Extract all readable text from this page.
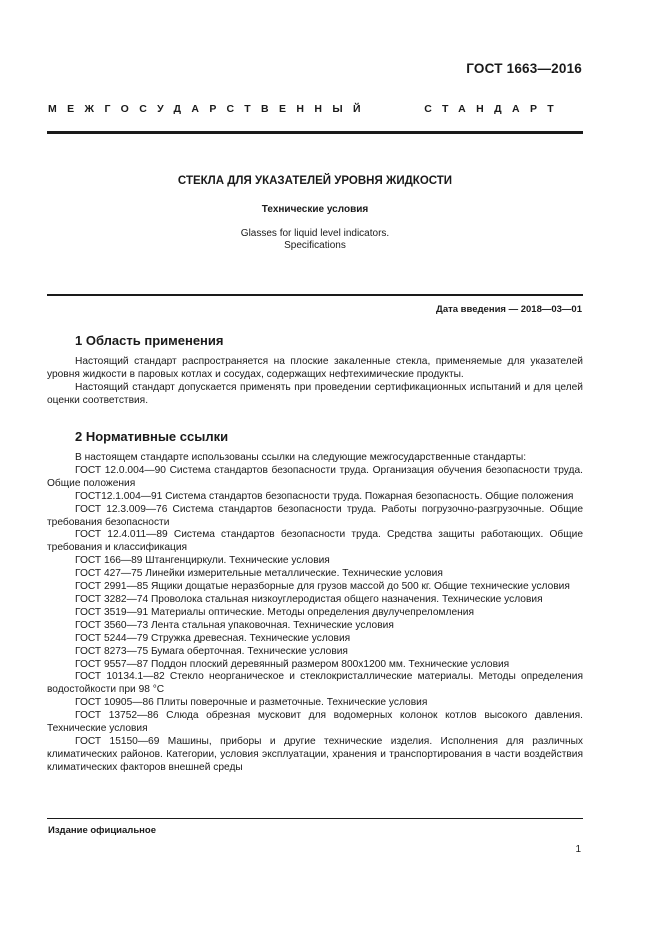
ГОСТ 1663—2016
МЕЖГОСУДАРСТВЕННЫЙ    СТАНДАРТ
СТЕКЛА ДЛЯ УКАЗАТЕЛЕЙ УРОВНЯ ЖИДКОСТИ
Технические условия
Glasses for liquid level indicators.
Specifications
Дата введения — 2018—03—01
1 Область применения

Настоящий стандарт распространяется на плоские закаленные стекла, применяемые для указателей уровня жидкости в паровых котлах и сосудах, содержащих нефтехимические продукты.

Настоящий стандарт допускается применять при проведении сертификационных испытаний и для целей оценки соответствия.

2 Нормативные ссылки

В настоящем стандарте использованы ссылки на следующие межгосударственные стандарты:

ГОСТ 12.0.004—90 Система стандартов безопасности труда. Организация обучения безопасности труда. Общие положения

ГОСТ12.1.004—91 Система стандартов безопасности труда. Пожарная безопасность. Общие положения

ГОСТ 12.3.009—76 Система стандартов безопасности труда. Работы погрузочно-разгрузочные. Общие требования безопасности

ГОСТ 12.4.011—89 Система стандартов безопасности труда. Средства защиты работающих. Общие требования и классификация

ГОСТ 166—89 Штангенциркули. Технические условия

ГОСТ 427—75 Линейки измерительные металлические. Технические условия

ГОСТ 2991—85 Ящики дощатые неразборные для грузов массой до 500 кг. Общие технические условия

ГОСТ 3282—74 Проволока стальная низкоуглеродистая общего назначения. Технические условия

ГОСТ 3519—91 Материалы оптические. Методы определения двулучепреломления

ГОСТ 3560—73 Лента стальная упаковочная. Технические условия

ГОСТ 5244—79 Стружка древесная. Технические условия

ГОСТ 8273—75 Бумага оберточная. Технические условия

ГОСТ 9557—87 Поддон плоский деревянный размером 800х1200 мм. Технические условия

ГОСТ 10134.1—82 Стекло неорганическое и стеклокристаллические материалы. Методы определения водостойкости при 98 °С

ГОСТ 10905—86 Плиты поверочные и разметочные. Технические условия

ГОСТ 13752—86 Слюда обрезная мусковит для водомерных колонок котлов высокого давления. Технические условия

ГОСТ 15150—69 Машины, приборы и другие технические изделия. Исполнения для различных климатических районов. Категории, условия эксплуатации, хранения и транспортирования в части воздействия климатических факторов внешней среды

Издание официальное
1
